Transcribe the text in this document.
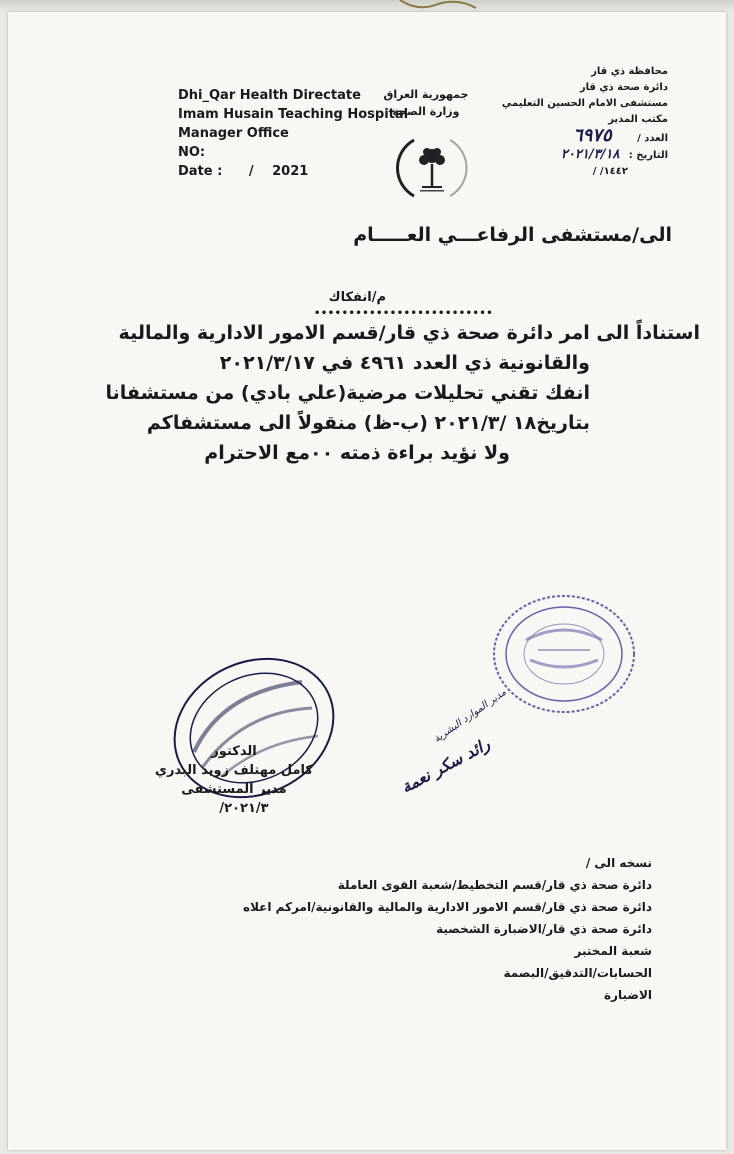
Dhi_Qar Health Directate
Imam Husain Teaching Hospital
Manager Office
NO:
Date : / 2021
جمهورية العراق
وزارة الصحة
محافظة ذي قار
دائرة صحة ذي قار
مستشفى الامام الحسين التعليمي
مكتب المدير
العدد / ٦٩٧٥
التاريخ : ٢٠٢١/٣/١٨
١٤٤٢/ /
الى/مستشفى الرفاعـــي العـــــام
م/انفكاك
••••••••••••••••••••••••••
استناداً الى امر دائرة صحة ذي قار/قسم الامور الادارية والمالية
والقانونية ذي العدد ٤٩٦١ في ٢٠٢١/٣/١٧
انفك تقني تحليلات مرضية(علي بادي) من مستشفانا
بتاريخ١٨ /٢٠٢١/٣ (ب-ظ) منقولاً الى مستشفاكم
ولا نؤيد براءة ذمته ٠٠مع الاحترام
الدكتور
كامل مهتلف زويد البدري
مدير المستشفى
٢٠٢١/٣/
مدير الموارد البشرية
رائد سكر نعمة
نسخه الى /
دائرة صحة ذي قار/قسم التخطيط/شعبة القوى العاملة
دائرة صحة ذي قار/قسم الامور الادارية والمالية والقانونية/امركم اعلاه
دائرة صحة ذي قار/الاضبارة الشخصية
شعبة المختبر
الحسابات/التدقيق/البصمة
الاضبارة
